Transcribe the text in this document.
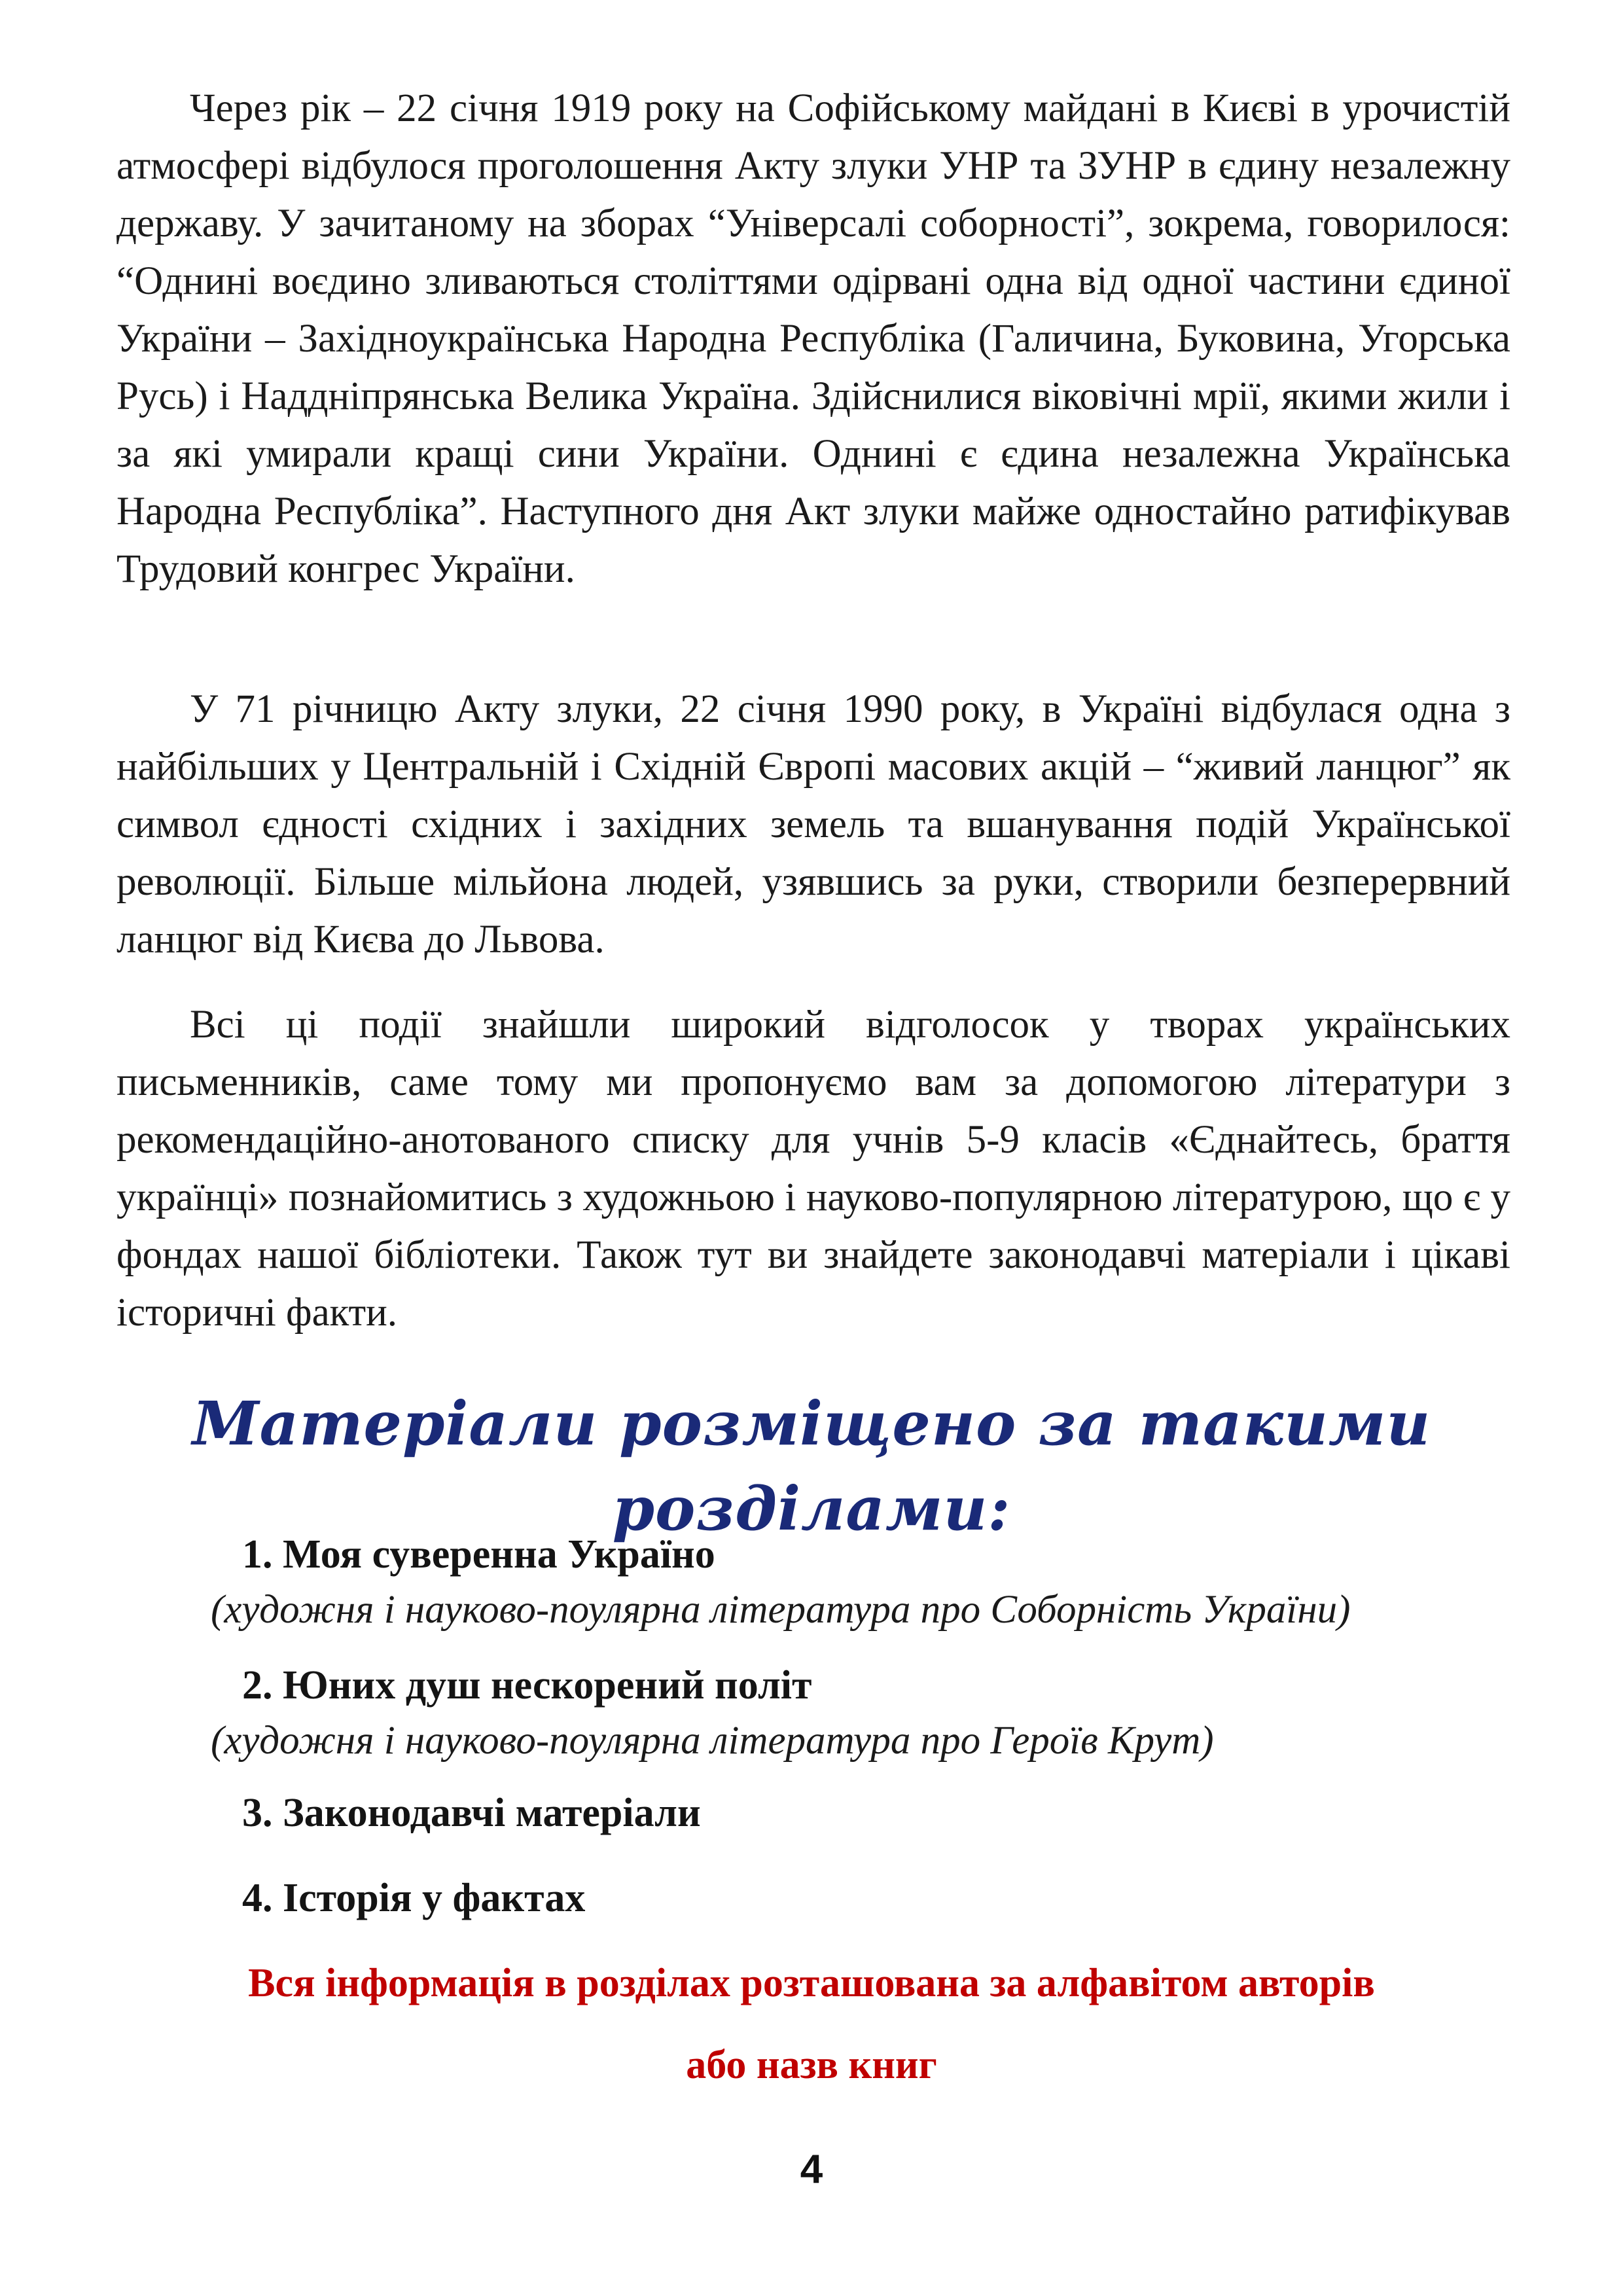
Через рік – 22 січня 1919 року на Софійському майдані в Києві в урочистій атмосфері відбулося проголошення Акту злуки УНР та ЗУНР в єдину незалежну державу. У зачитаному на зборах “Універсалі соборності”, зокрема, говорилося: “Однині воєдино зливаються століттями одірвані одна від одної частини єдиної України – Західноукраїнська Народна Республіка (Галичина, Буковина, Угорська Русь) і Наддніпрянська Велика Україна. Здійснилися віковічні мрії, якими жили і за які умирали кращі сини України. Однині є єдина незалежна Українська Народна Республіка”. Наступного дня Акт злуки майже одностайно ратифікував Трудовий конгрес України.

У 71 річницю Акту злуки, 22 січня 1990 року, в Україні відбулася одна з найбільших у Центральній і Східній Європі масових акцій – “живий ланцюг” як символ єдності східних і західних земель та вшанування подій Української революції. Більше мільйона людей, узявшись за руки, створили безперервний ланцюг від Києва до Львова.

Всі ці події знайшли широкий відголосок у творах українських письменників, саме тому ми пропонуємо вам за допомогою літератури з рекомендаційно-анотованого списку для учнів 5-9 класів «Єднайтесь, браття українці» познайомитись з художньою і науково-популярною літературою, що є у фондах нашої бібліотеки. Також тут ви знайдете законодавчі матеріали і цікаві історичні факти.

Матеріали розміщено за такими розділами:

1. Моя суверенна Україно

(художня і науково-поулярна література про Соборність України)

2. Юних душ нескорений політ

(художня і науково-поулярна література про Героїв Крут)

3. Законодавчі матеріали

4. Історія у фактах

Вся інформація в розділах розташована за алфавітом авторів

або назв книг

4
